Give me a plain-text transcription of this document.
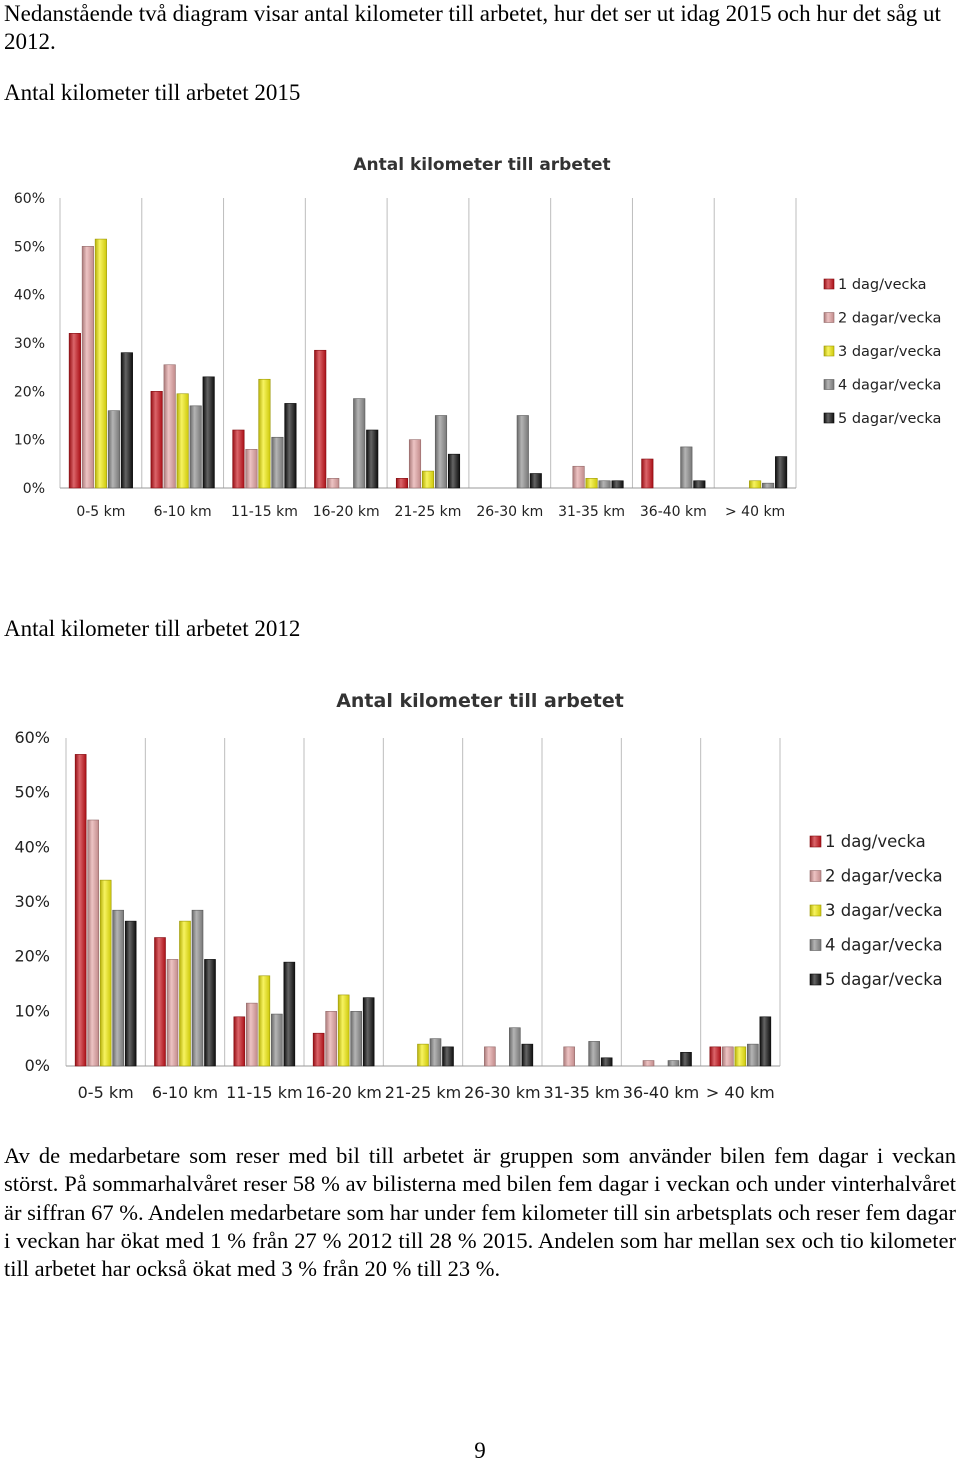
Nedanstående två diagram visar antal kilometer till arbetet, hur det ser ut idag 2015 och hur det såg ut 2012.

Antal kilometer till arbetet 2015
Antal kilometer till arbetet
0%
10%
20%
30%
40%
50%
60%
0-5 km 6-10 km 11-15 km 16-20 km 21-25 km 26-30 km 31-35 km 36-40 km > 40 km
1 dag/vecka
2 dagar/vecka
3 dagar/vecka
4 dagar/vecka
5 dagar/vecka
Antal kilometer till arbetet 2012
Antal kilometer till arbetet
0%
10%
20%
30%
40%
50%
60%
0-5 km 6-10 km 11-15 km 16-20 km 21-25 km 26-30 km 31-35 km 36-40 km > 40 km
1 dag/vecka
2 dagar/vecka
3 dagar/vecka
4 dagar/vecka
5 dagar/vecka

Av de medarbetare som reser med bil till arbetet är gruppen som använder bilen fem dagar i veckan störst. På sommarhalvåret reser 58 % av bilisterna med bilen fem dagar i veckan och under vinterhalvåret är siffran 67 %. Andelen medarbetare som har under fem kilometer till sin arbetsplats och reser fem dagar i veckan har ökat med 1 % från 27 % 2012 till 28 % 2015. Andelen som har mellan sex och tio kilometer till arbetet har också ökat med 3 % från 20 % till 23 %.

9
